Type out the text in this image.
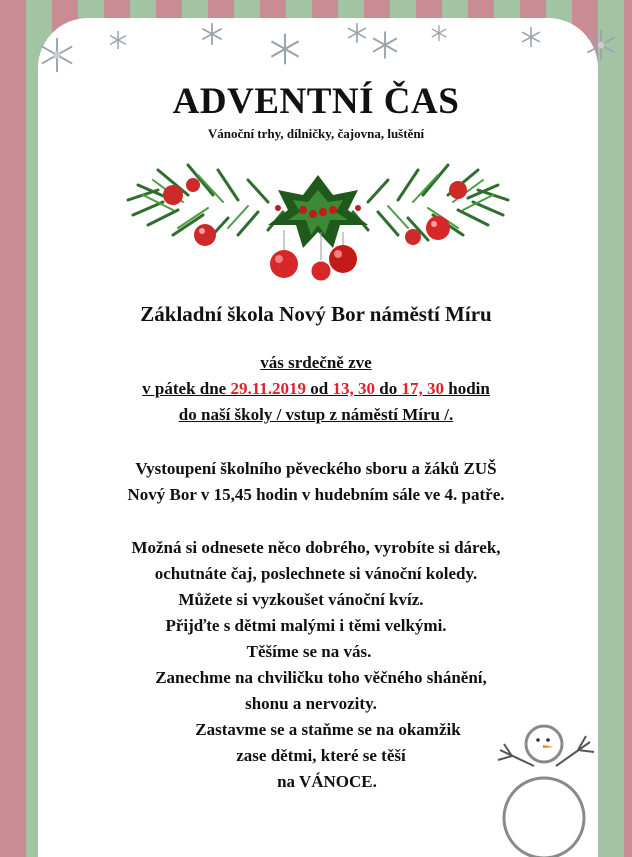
ADVENTNÍ ČAS
Vánoční trhy, dílničky, čajovna, luštění
Základní škola Nový Bor náměstí Míru
vás srdečně zve
v pátek dne 29.11.2019 od 13, 30 do 17, 30 hodin
do naší školy / vstup z náměstí Míru /.
Vystoupení školního pěveckého sboru a žáků ZUŠ
Nový Bor v 15,45 hodin v hudebním sále ve 4. patře.
Možná si odnesete něco dobrého, vyrobíte si dárek,
ochutnáte čaj, poslechnete si vánoční koledy.
Můžete si vyzkoušet vánoční kvíz.
Přijďte s dětmi malými i těmi velkými.
Těšíme se na vás.
Zanechme na chviličku toho věčného shánění,
shonu a nervozity.
Zastavme se a staňme se na okamžik
zase dětmi, které se těší
na VÁNOCE.
